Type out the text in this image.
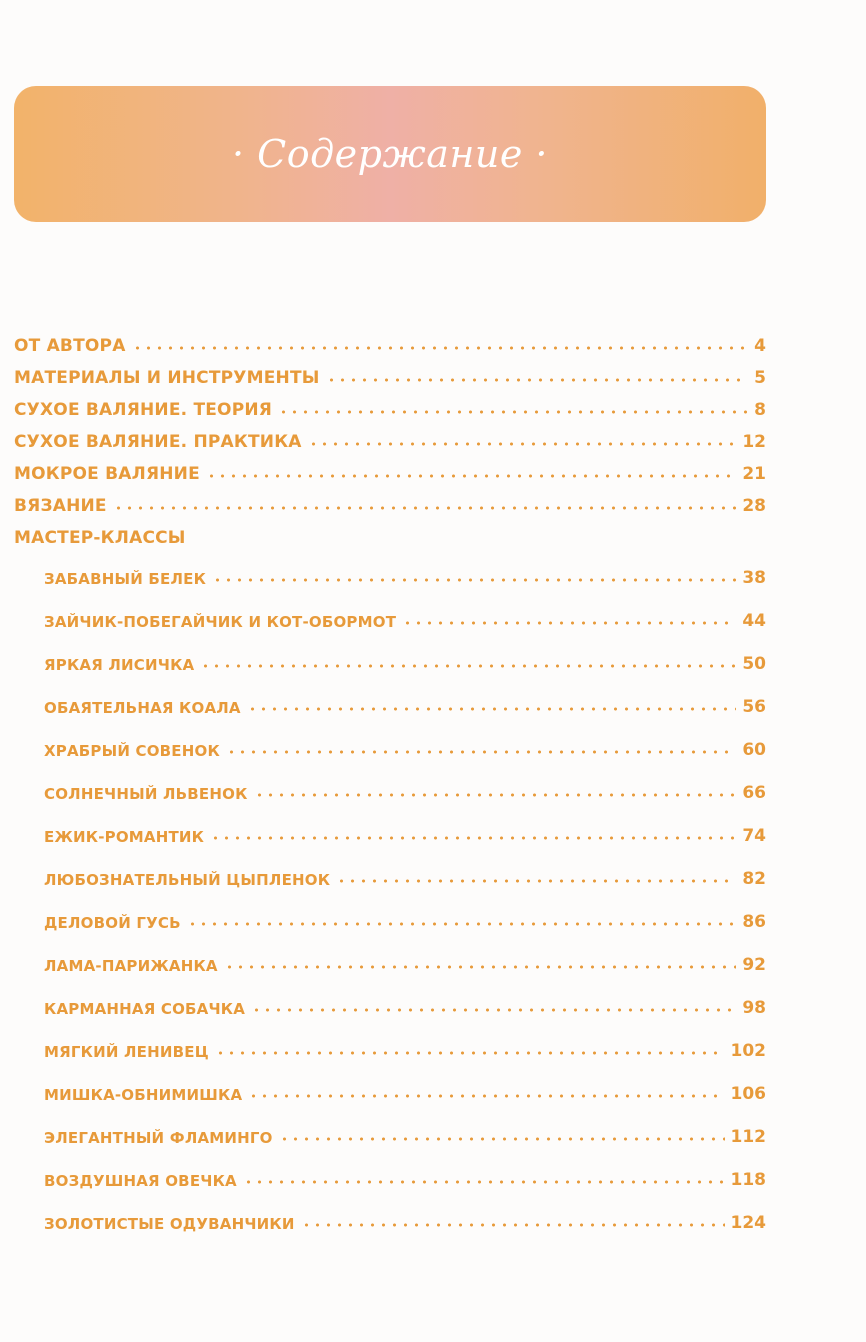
· Содержание ·
ОТ АВТОРА	4
МАТЕРИАЛЫ И ИНСТРУМЕНТЫ	5
СУХОЕ ВАЛЯНИЕ. ТЕОРИЯ	8
СУХОЕ ВАЛЯНИЕ. ПРАКТИКА	12
МОКРОЕ ВАЛЯНИЕ	21
ВЯЗАНИЕ	28
МАСТЕР-КЛАССЫ
ЗАБАВНЫЙ БЕЛЕК	38
ЗАЙЧИК-ПОБЕГАЙЧИК И КОТ-ОБОРМОТ	44
ЯРКАЯ ЛИСИЧКА	50
ОБАЯТЕЛЬНАЯ КОАЛА	56
ХРАБРЫЙ СОВЕНОК	60
СОЛНЕЧНЫЙ ЛЬВЕНОК	66
ЕЖИК-РОМАНТИК	74
ЛЮБОЗНАТЕЛЬНЫЙ ЦЫПЛЕНОК	82
ДЕЛОВОЙ ГУСЬ	86
ЛАМА-ПАРИЖАНКА	92
КАРМАННАЯ СОБАЧКА	98
МЯГКИЙ ЛЕНИВЕЦ	102
МИШКА-ОБНИМИШКА	106
ЭЛЕГАНТНЫЙ ФЛАМИНГО	112
ВОЗДУШНАЯ ОВЕЧКА	118
ЗОЛОТИСТЫЕ ОДУВАНЧИКИ	124
